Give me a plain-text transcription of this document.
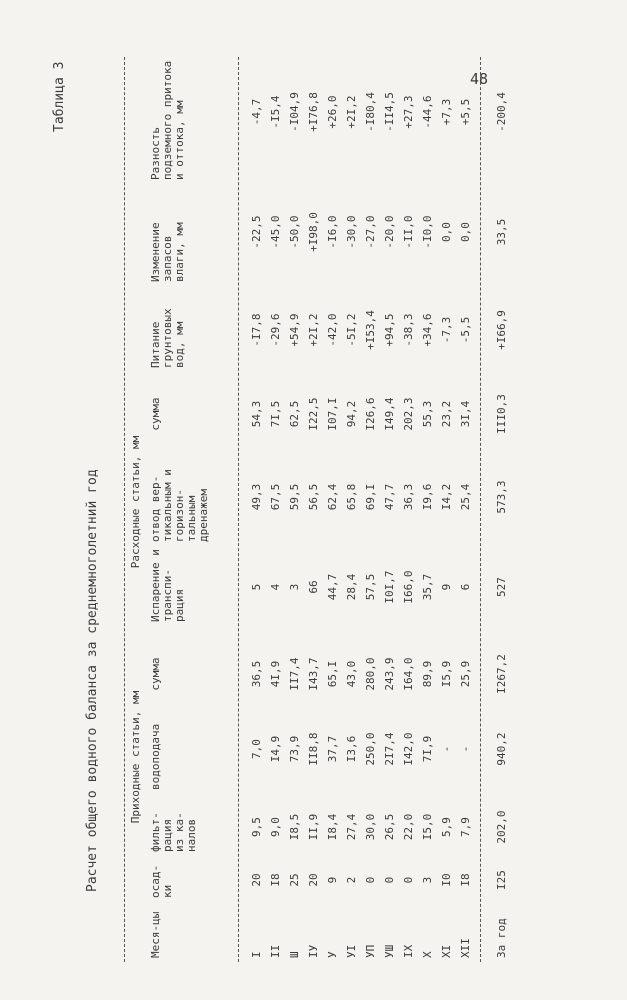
48
Таблица 3
Расчет общего водного баланса за среднемноголетний год
Меся-цы
Приходные статьи, мм
осад-ки
фильт-рация из ка-налов
водоподача
сумма
Расходные статьи, мм
Испарение и транспи-рация
отвод вер-тикальным и горизон-тальным дренажем
сумма
Питание грунтовых вод, мм
Изменение запасов влаги, мм
Разность подземного притока и оттока, мм
I
20
9,5
7,0
36,5
5
49,3
54,3
-I7,8
-22,5
-4,7
II
I8
9,0
I4,9
4I,9
4
67,5
7I,5
-29,6
-45,0
-I5,4
Ш
25
I8,5
73,9
II7,4
3
59,5
62,5
+54,9
-50,0
-I04,9
IУ
20
II,9
II8,8
I43,7
66
56,5
I22,5
+2I,2
+I98,0
+I76,8
У
9
I8,4
37,7
65,I
44,7
62,4
I07,I
-42,0
-I6,0
+26,0
УI
2
27,4
I3,6
43,0
28,4
65,8
94,2
-5I,2
-30,0
+2I,2
УП
0
30,0
250,0
280,0
57,5
69,I
I26,6
+I53,4
-27,0
-I80,4
УШ
0
26,5
2I7,4
243,9
I0I,7
47,7
I49,4
+94,5
-20,0
-II4,5
IX
0
22,0
I42,0
I64,0
I66,0
36,3
202,3
-38,3
-II,0
+27,3
X
3
I5,0
7I,9
89,9
35,7
I9,6
55,3
+34,6
-I0,0
-44,6
XI
I0
5,9
-
I5,9
9
I4,2
23,2
-7,3
0,0
+7,3
XII
I8
7,9
-
25,9
6
25,4
3I,4
-5,5
0,0
+5,5
За год
I25
202,0
940,2
I267,2
527
573,3
III0,3
+I66,9
33,5
-200,4
